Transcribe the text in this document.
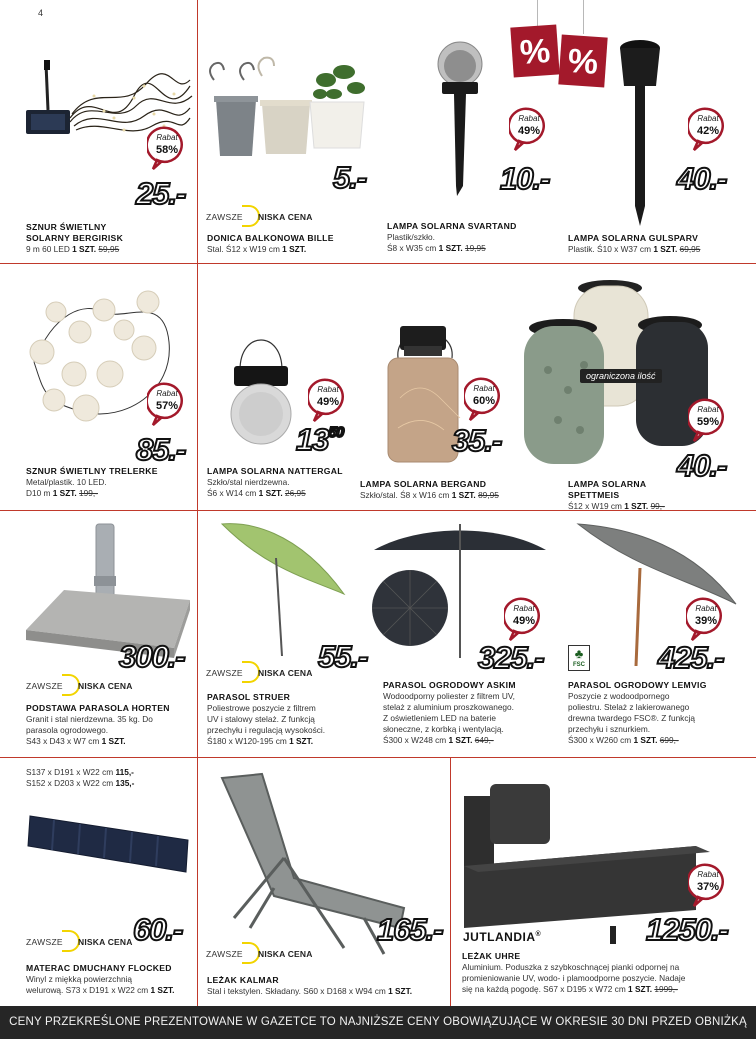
4
% %
Rabat
58%
25.-
SZNUR ŚWIETLNY
SOLARNY BERGIRISK
9 m 60 LED 1 SZT. 59,95
5.-
ZAWSZE NISKA CENA
DONICA BALKONOWA BILLE
Stal. Ś12 x W19 cm 1 SZT.
Rabat
49%
10.-
LAMPA SOLARNA SVARTAND
Plastik/szkło.
Ś8 x W35 cm 1 SZT. 19,95
Rabat
42%
40.-
LAMPA SOLARNA GULSPARV
Plastik. Ś10 x W37 cm 1 SZT. 69,95
Rabat
57%
85.-
SZNUR ŚWIETLNY TRELERKE
Metal/plastik. 10 LED.
D10 m 1 SZT. 199,-
Rabat
49%
$13^{50}$
LAMPA SOLARNA NATTERGAL
Szkło/stal nierdzewna.
Ś6 x W14 cm 1 SZT. 26,95
Rabat
60%
35.-
LAMPA SOLARNA BERGAND
Szkło/stal. Ś8 x W16 cm 1 SZT. 89,95
ograniczona ilość
Rabat
59%
40.-
LAMPA SOLARNA SPETTMEIS
Ś12 x W19 cm 1 SZT. 99,-
300.-
ZAWSZE NISKA CENA
PODSTAWA PARASOLA HORTEN
Granit i stal nierdzewna. 35 kg. Do
parasola ogrodowego.
S43 x D43 x W7 cm 1 SZT.
55.-
ZAWSZE NISKA CENA
PARASOL STRUER
Poliestrowe poszycie z filtrem
UV i stalowy stelaż. Z funkcją
przechyłu i regulacją wysokości.
Ś180 x W120-195 cm 1 SZT.
Rabat
49%
325.-
PARASOL OGRODOWY ASKIM
Wodoodporny poliester z filtrem UV,
stelaż z aluminium proszkowanego.
Z oświetleniem LED na baterie
słoneczne, z korbką i wentylacją.
Ś300 x W248 cm 1 SZT. 649,-
♣
FSC
Rabat
39%
425.-
PARASOL OGRODOWY LEMVIG
Poszycie z wodoodpornego
poliestru. Stelaż z lakierowanego
drewna twardego FSC®. Z funkcją
przechyłu i sznurkiem.
Ś300 x W260 cm 1 SZT. 699,-
S137 x D191 x W22 cm 115,-
S152 x D203 x W22 cm 135,-
60.-
ZAWSZE NISKA CENA
MATERAC DMUCHANY FLOCKED
Winyl z miękką powierzchnią
welurową. S73 x D191 x W22 cm 1 SZT.
165.-
ZAWSZE NISKA CENA
LEŻAK KALMAR
Stal i tekstylen. Składany. S60 x D168 x W94 cm 1 SZT.
Rabat
37%
1250.-
JUTLANDIA®
LEŻAK UHRE
Aluminium. Poduszka z szybkoschnącej pianki odpornej na
promieniowanie UV, wodo- i plamoodporne poszycie. Nadaje
się na każdą pogodę. S67 x D195 x W72 cm 1 SZT. 1999,-
CENY PRZEKREŚLONE PREZENTOWANE W GAZETCE TO NAJNIŻSZE CENY OBOWIĄZUJĄCE W OKRESIE 30 DNI PRZED OBNIŻKĄ
